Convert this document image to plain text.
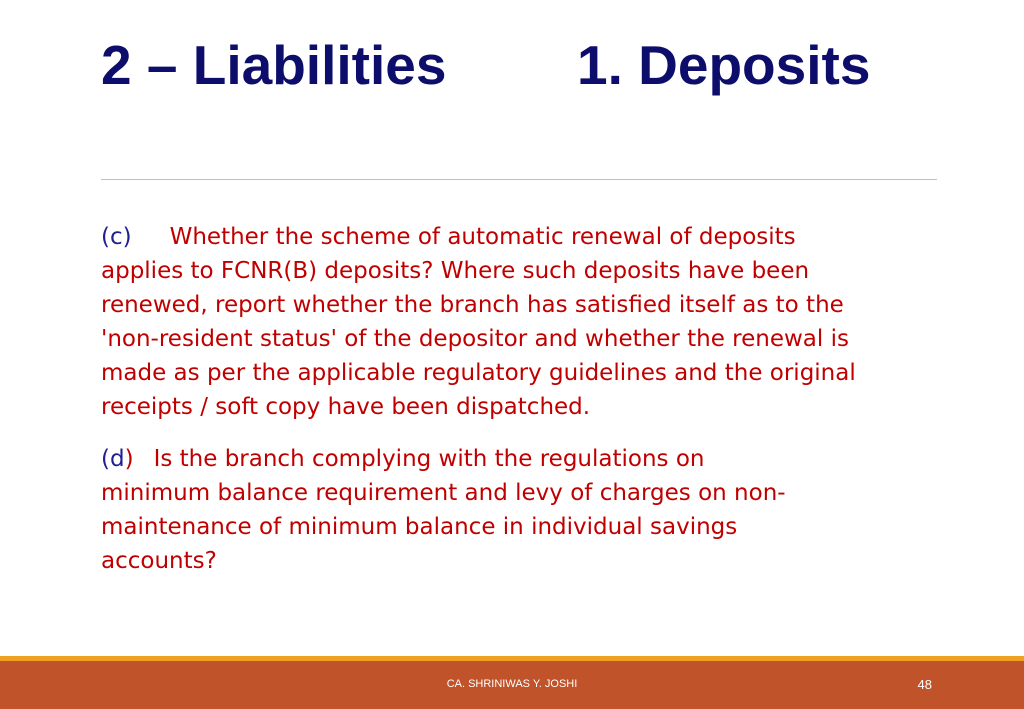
2 – Liabilities 1. Deposits

(c) Whether the scheme of automatic renewal of deposits
applies to FCNR(B) deposits? Where such deposits have been
renewed, report whether the branch has satisfied itself as to the
'non-resident status' of the depositor and whether the renewal is
made as per the applicable regulatory guidelines and the original
receipts / soft copy have been dispatched.

(d) Is the branch complying with the regulations on
minimum balance requirement and levy of charges on non-
maintenance of minimum balance in individual savings
accounts?

CA. SHRINIWAS Y. JOSHI	48
